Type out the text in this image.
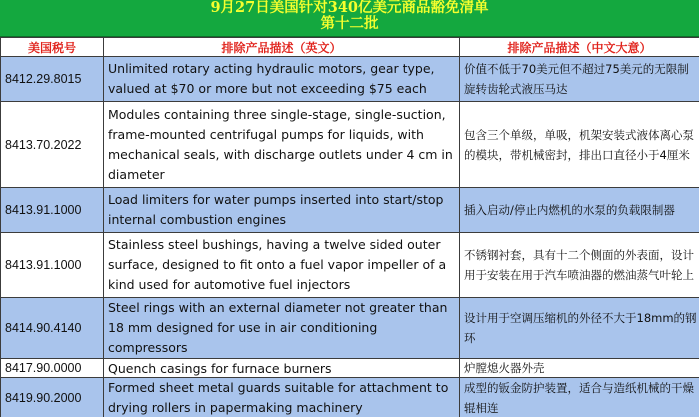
9月27日美国针对340亿美元商品豁免清单
第十二批
美国税号	排除产品描述（英文）	排除产品描述（中文大意）
8412.29.8015	Unlimited rotary acting hydraulic motors, gear type, valued at $70 or more but not exceeding $75 each	价值不低于70美元但不超过75美元的无限制旋转齿轮式液压马达
8413.70.2022	Modules containing three single-stage, single-suction, frame-mounted centrifugal pumps for liquids, with mechanical seals, with discharge outlets under 4 cm in diameter	包含三个单级，单吸，机架安装式液体离心泵的模块，带机械密封，排出口直径小于4厘米
8413.91.1000	Load limiters for water pumps inserted into start/stop internal combustion engines	插入启动/停止内燃机的水泵的负载限制器
8413.91.1000	Stainless steel bushings, having a twelve sided outer surface, designed to fit onto a fuel vapor impeller of a kind used for automotive fuel injectors	不锈钢衬套，具有十二个侧面的外表面，设计用于安装在用于汽车喷油器的燃油蒸气叶轮上
8414.90.4140	Steel rings with an external diameter not greater than 18 mm designed for use in air conditioning compressors	设计用于空调压缩机的外径不大于18mm的钢环
8417.90.0000	Quench casings for furnace burners	炉膛熄火器外壳
8419.90.2000	Formed sheet metal guards suitable for attachment to drying rollers in papermaking machinery	成型的钣金防护装置，适合与造纸机械的干燥辊相连
